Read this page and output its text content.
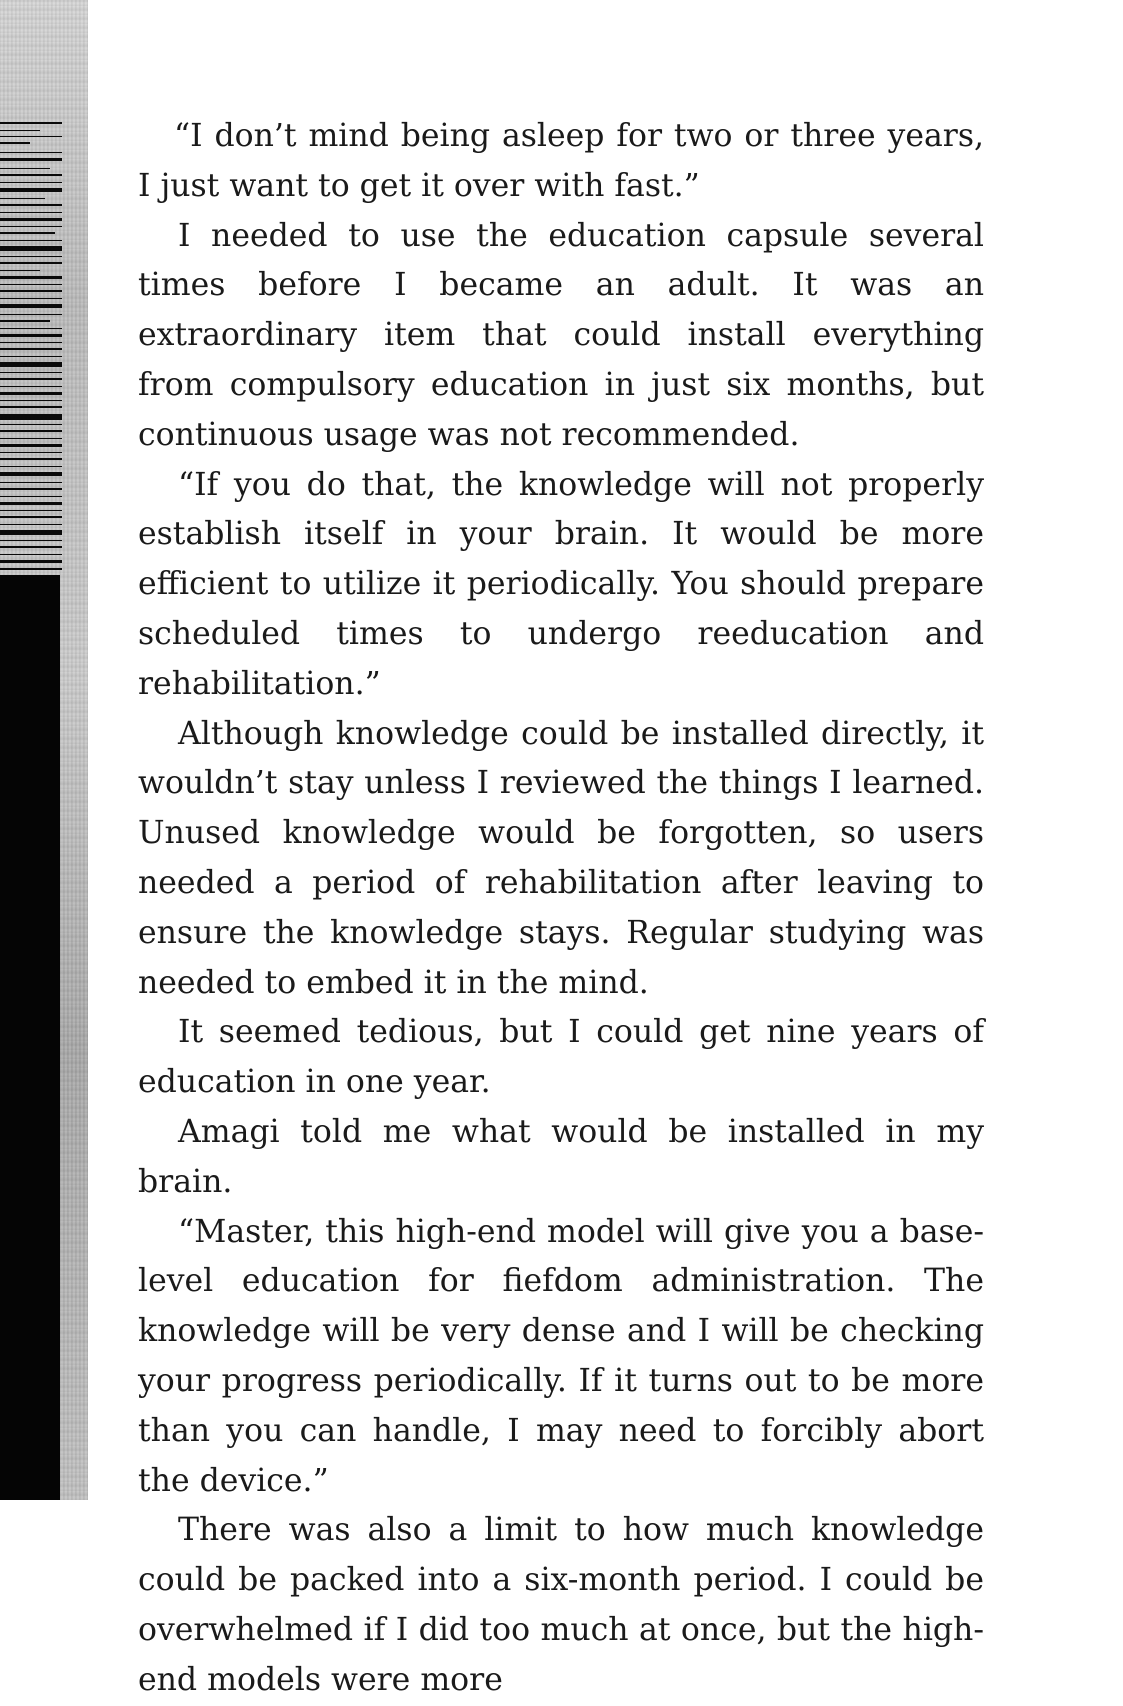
“I don’t mind being asleep for two or three years, I just want to get it over with fast.”

I needed to use the education capsule several times before I became an adult. It was an extraordinary item that could install everything from compulsory education in just six months, but continuous usage was not recommended.

“If you do that, the knowledge will not properly establish itself in your brain. It would be more efficient to utilize it periodically. You should prepare scheduled times to undergo reeducation and rehabilitation.”

Although knowledge could be installed directly, it wouldn’t stay unless I reviewed the things I learned. Unused knowledge would be forgotten, so users needed a period of rehabilitation after leaving to ensure the knowledge stays. Regular studying was needed to embed it in the mind.

It seemed tedious, but I could get nine years of education in one year.

Amagi told me what would be installed in my brain.

“Master, this high-end model will give you a base-level education for fiefdom administration. The knowledge will be very dense and I will be checking your progress periodically. If it turns out to be more than you can handle, I may need to forcibly abort the device.”

There was also a limit to how much knowledge could be packed into a six-month period. I could be overwhelmed if I did too much at once, but the high-end models were more
